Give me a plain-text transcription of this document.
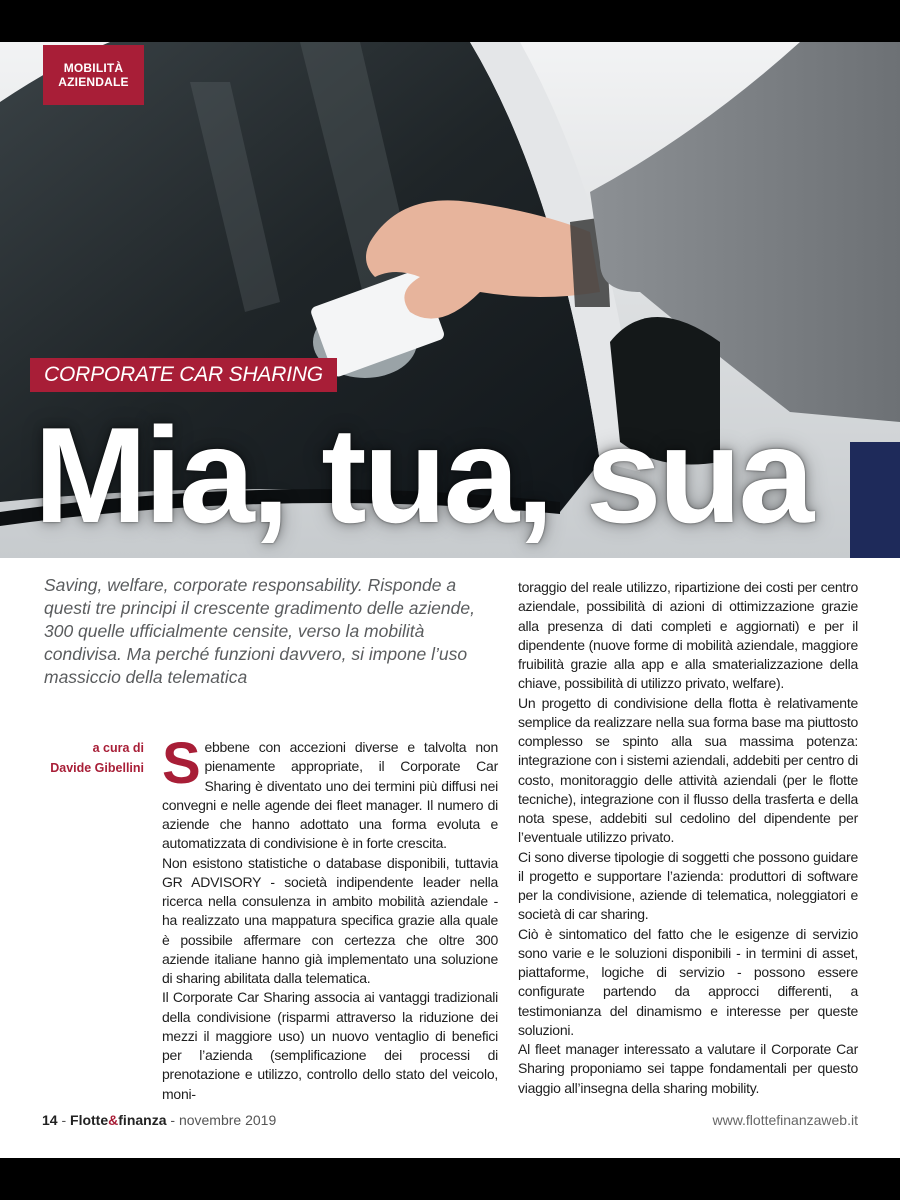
MOBILITÀ AZIENDALE
CORPORATE CAR SHARING
Mia, tua, sua

Saving, welfare, corporate responsability. Risponde a questi tre principi il crescente gradimento delle aziende, 300 quelle ufficialmente censite, verso la mobilità condivisa. Ma perché funzioni davvero, si impone l’uso massiccio della telematica

a cura di
Davide Gibellini Sebbene con accezioni diverse e talvolta non pienamente appropriate, il Corporate Car Sharing è diventato uno dei termini più diffusi nei convegni e nelle agende dei fleet manager. Il numero di aziende che hanno adottato una forma evoluta e automatizzata di condivisione è in forte crescita.

Non esistono statistiche o database disponibili, tuttavia GR ADVISORY - società indipendente leader nella ricerca nella consulenza in ambito mobilità aziendale - ha realizzato una mappatura specifica grazie alla quale è possibile affermare con certezza che oltre 300 aziende italiane hanno già implementato una soluzione di sharing abilitata dalla telematica.

Il Corporate Car Sharing associa ai vantaggi tradizionali della condivisione (risparmi attraverso la riduzione dei mezzi il maggiore uso) un nuovo ventaglio di benefici per l’azienda (semplificazione dei processi di prenotazione e utilizzo, controllo dello stato del veicolo, moni-

toraggio del reale utilizzo, ripartizione dei costi per centro aziendale, possibilità di azioni di ottimizzazione grazie alla presenza di dati completi e aggiornati) e per il dipendente (nuove forme di mobilità aziendale, maggiore fruibilità grazie alla app e alla smaterializzazione della chiave, possibilità di utilizzo privato, welfare).

Un progetto di condivisione della flotta è relativamente semplice da realizzare nella sua forma base ma piuttosto complesso se spinto alla sua massima potenza: integrazione con i sistemi aziendali, addebiti per centro di costo, monitoraggio delle attività aziendali (per le flotte tecniche), integrazione con il flusso della trasferta e della nota spese, addebiti sul cedolino del dipendente per l’eventuale utilizzo privato.

Ci sono diverse tipologie di soggetti che possono guidare il progetto e supportare l’azienda: produttori di software per la condivisione, aziende di telematica, noleggiatori e società di car sharing.

Ciò è sintomatico del fatto che le esigenze di servizio sono varie e le soluzioni disponibili - in termini di asset, piattaforme, logiche di servizio - possono essere configurate partendo da approcci differenti, a testimonianza del dinamismo e interesse per queste soluzioni.

Al fleet manager interessato a valutare il Corporate Car Sharing proponiamo sei tappe fondamentali per questo viaggio all’insegna della sharing mobility.

14 - Flotte&finanza - novembre 2019	www.flottefinanzaweb.it
